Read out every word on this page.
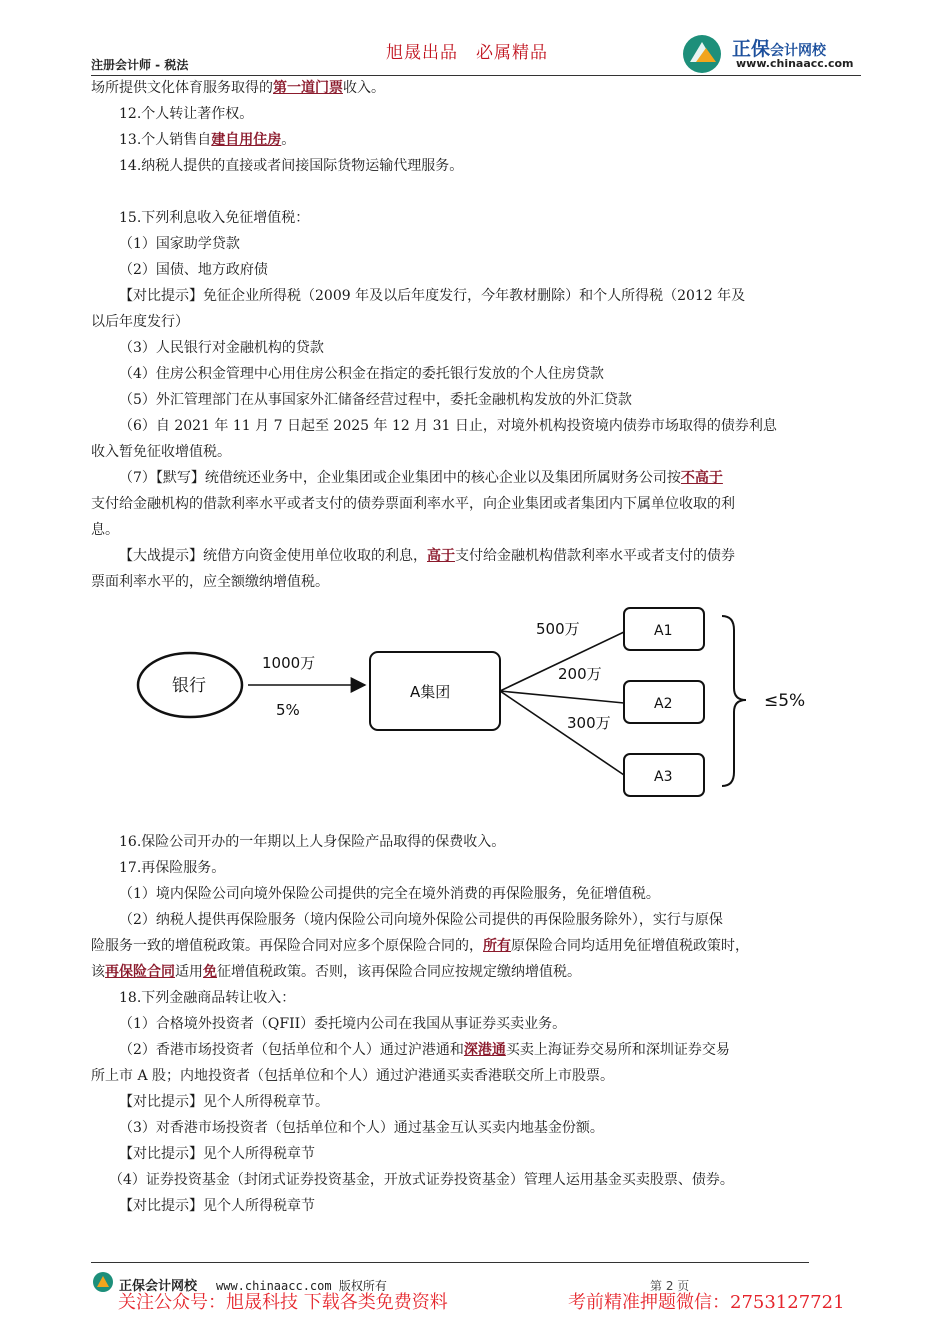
旭晟出品　必属精品
注册会计师 - 税法
正保会计网校
www.chinaacc.com
场所提供文化体育服务取得的第一道门票收入。
12.个人转让著作权。
13.个人销售自建自用住房。
14.纳税人提供的直接或者间接国际货物运输代理服务。
15.下列利息收入免征增值税：
（1）国家助学贷款
（2）国债、地方政府债
【对比提示】免征企业所得税（2009 年及以后年度发行，今年教材删除）和个人所得税（2012 年及
以后年度发行）
（3）人民银行对金融机构的贷款
（4）住房公积金管理中心用住房公积金在指定的委托银行发放的个人住房贷款
（5）外汇管理部门在从事国家外汇储备经营过程中，委托金融机构发放的外汇贷款
（6）自 2021 年 11 月 7 日起至 2025 年 12 月 31 日止，对境外机构投资境内债券市场取得的债券利息
收入暂免征收增值税。
（7）【默写】统借统还业务中，企业集团或企业集团中的核心企业以及集团所属财务公司按不高于
支付给金融机构的借款利率水平或者支付的债券票面利率水平，向企业集团或者集团内下属单位收取的利
息。
【大战提示】统借方向资金使用单位收取的利息，高于支付给金融机构借款利率水平或者支付的债券
票面利率水平的，应全额缴纳增值税。
16.保险公司开办的一年期以上人身保险产品取得的保费收入。
17.再保险服务。
（1）境内保险公司向境外保险公司提供的完全在境外消费的再保险服务，免征增值税。
（2）纳税人提供再保险服务（境内保险公司向境外保险公司提供的再保险服务除外），实行与原保
险服务一致的增值税政策。再保险合同对应多个原保险合同的，所有原保险合同均适用免征增值税政策时，
该再保险合同适用免征增值税政策。否则，该再保险合同应按规定缴纳增值税。
18.下列金融商品转让收入：
（1）合格境外投资者（QFII）委托境内公司在我国从事证券买卖业务。
（2）香港市场投资者（包括单位和个人）通过沪港通和深港通买卖上海证券交易所和深圳证券交易
所上市 A 股；内地投资者（包括单位和个人）通过沪港通买卖香港联交所上市股票。
【对比提示】见个人所得税章节。
（3）对香港市场投资者（包括单位和个人）通过基金互认买卖内地基金份额。
【对比提示】见个人所得税章节
（4）证券投资基金（封闭式证券投资基金，开放式证券投资基金）管理人运用基金买卖股票、债券。
【对比提示】见个人所得税章节
银行
1000万
5%
A集团
500万
200万
300万
A1
A2
A3
≤5%
正保会计网校 www.chinaacc.com 版权所有	第 2 页
关注公众号：旭晟科技 下载各类免费资料	考前精准押题微信：2753127721
